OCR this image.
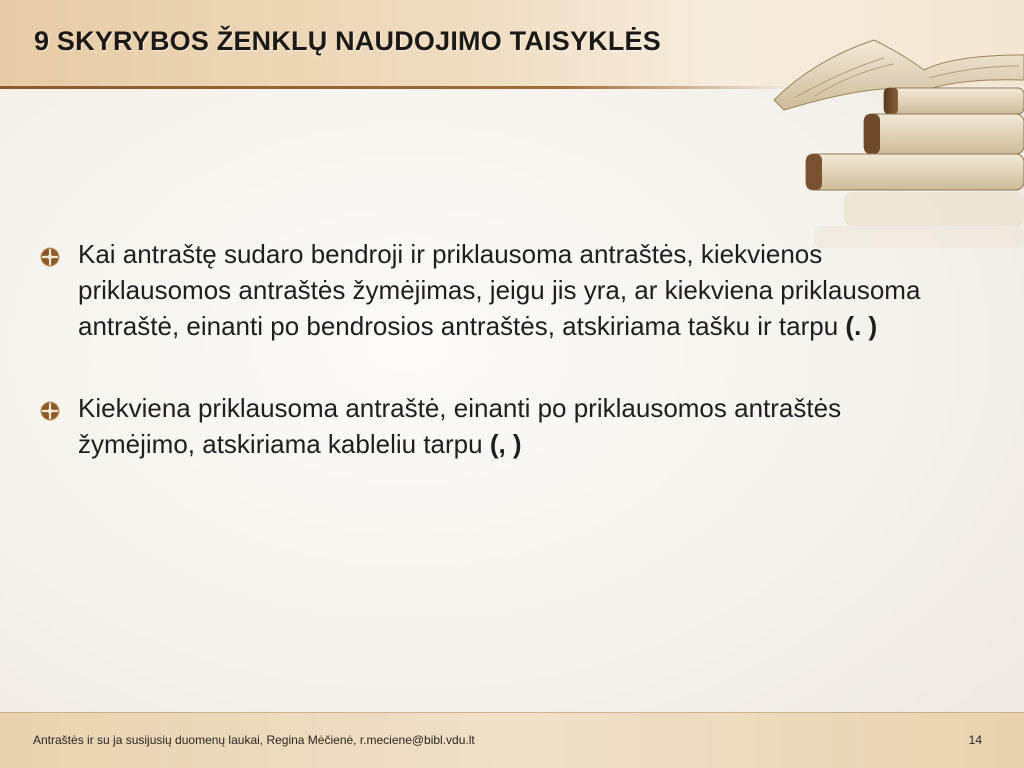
9 SKYRYBOS ŽENKLŲ NAUDOJIMO TAISYKLĖS
Kai antraštę sudaro bendroji ir priklausoma antraštės, kiekvienos priklausomos antraštės žymėjimas, jeigu jis yra, ar kiekviena priklausoma antraštė, einanti po bendrosios antraštės, atskiriama tašku ir tarpu (. )
Kiekviena priklausoma antraštė, einanti po priklausomos antraštės žymėjimo, atskiriama kableliu tarpu (, )
Antraštės ir su ja susijusių duomenų laukai, Regina Mėčienė, r.meciene@bibl.vdu.lt	14
